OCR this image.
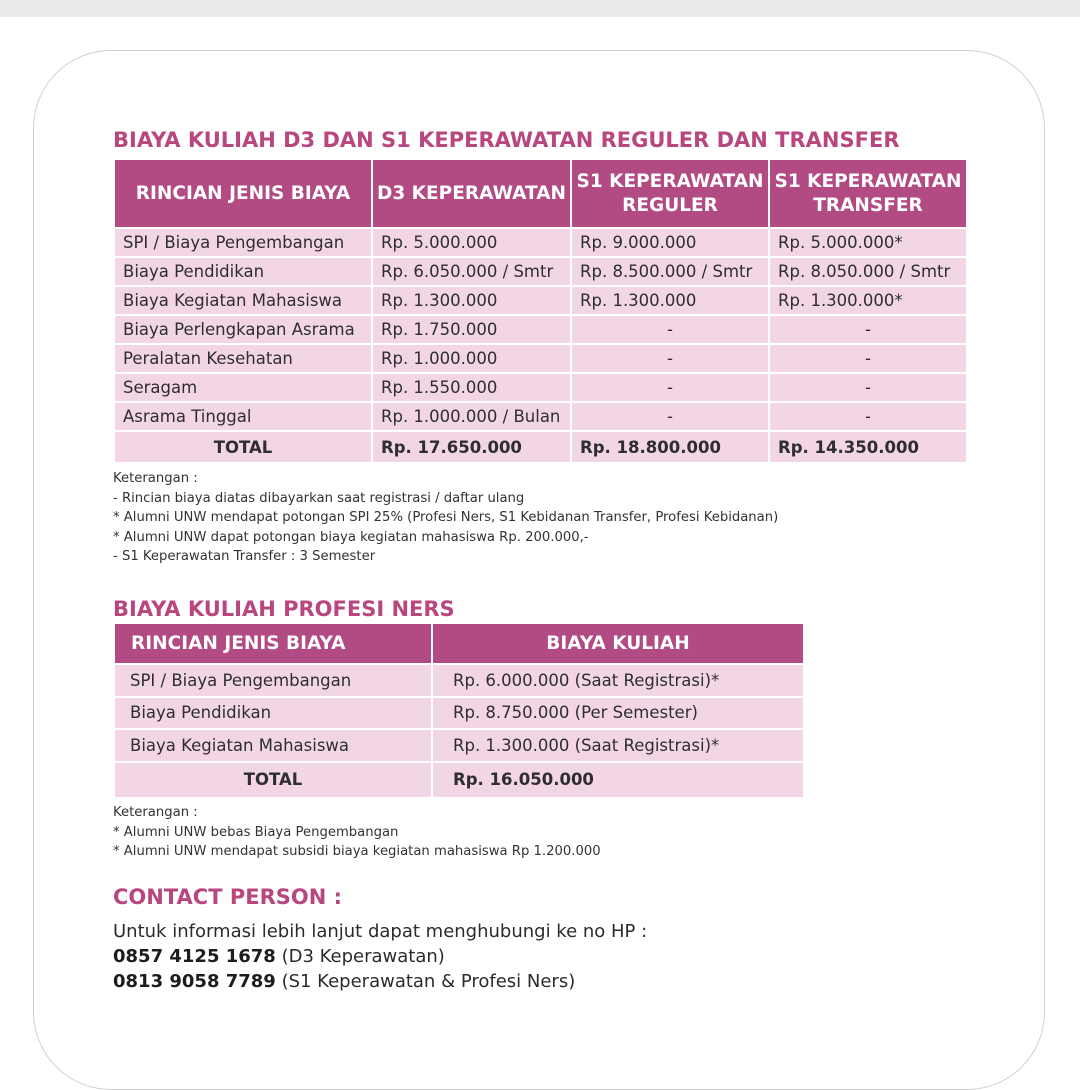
BIAYA KULIAH D3 DAN S1 KEPERAWATAN REGULER DAN TRANSFER
RINCIAN JENIS BIAYA	D3 KEPERAWATAN	S1 KEPERAWATAN REGULER	S1 KEPERAWATAN TRANSFER
SPI / Biaya Pengembangan	Rp. 5.000.000	Rp. 9.000.000	Rp. 5.000.000*
Biaya Pendidikan	Rp. 6.050.000 / Smtr	Rp. 8.500.000 / Smtr	Rp. 8.050.000 / Smtr
Biaya Kegiatan Mahasiswa	Rp. 1.300.000	Rp. 1.300.000	Rp. 1.300.000*
Biaya Perlengkapan Asrama	Rp. 1.750.000	-	-
Peralatan Kesehatan	Rp. 1.000.000	-	-
Seragam	Rp. 1.550.000	-	-
Asrama Tinggal	Rp. 1.000.000 / Bulan	-	-
TOTAL	Rp. 17.650.000	Rp. 18.800.000	Rp. 14.350.000
Keterangan :
- Rincian biaya diatas dibayarkan saat registrasi / daftar ulang
* Alumni UNW mendapat potongan SPI 25% (Profesi Ners, S1 Kebidanan Transfer, Profesi Kebidanan)
* Alumni UNW dapat potongan biaya kegiatan mahasiswa Rp. 200.000,-
- S1 Keperawatan Transfer : 3 Semester
BIAYA KULIAH PROFESI NERS
RINCIAN JENIS BIAYA	BIAYA KULIAH
SPI / Biaya Pengembangan	Rp. 6.000.000 (Saat Registrasi)*
Biaya Pendidikan	Rp. 8.750.000 (Per Semester)
Biaya Kegiatan Mahasiswa	Rp. 1.300.000 (Saat Registrasi)*
TOTAL	Rp. 16.050.000
Keterangan :
* Alumni UNW bebas Biaya Pengembangan
* Alumni UNW mendapat subsidi biaya kegiatan mahasiswa Rp 1.200.000
CONTACT PERSON :
Untuk informasi lebih lanjut dapat menghubungi ke no HP :
0857 4125 1678 (D3 Keperawatan)
0813 9058 7789 (S1 Keperawatan & Profesi Ners)
